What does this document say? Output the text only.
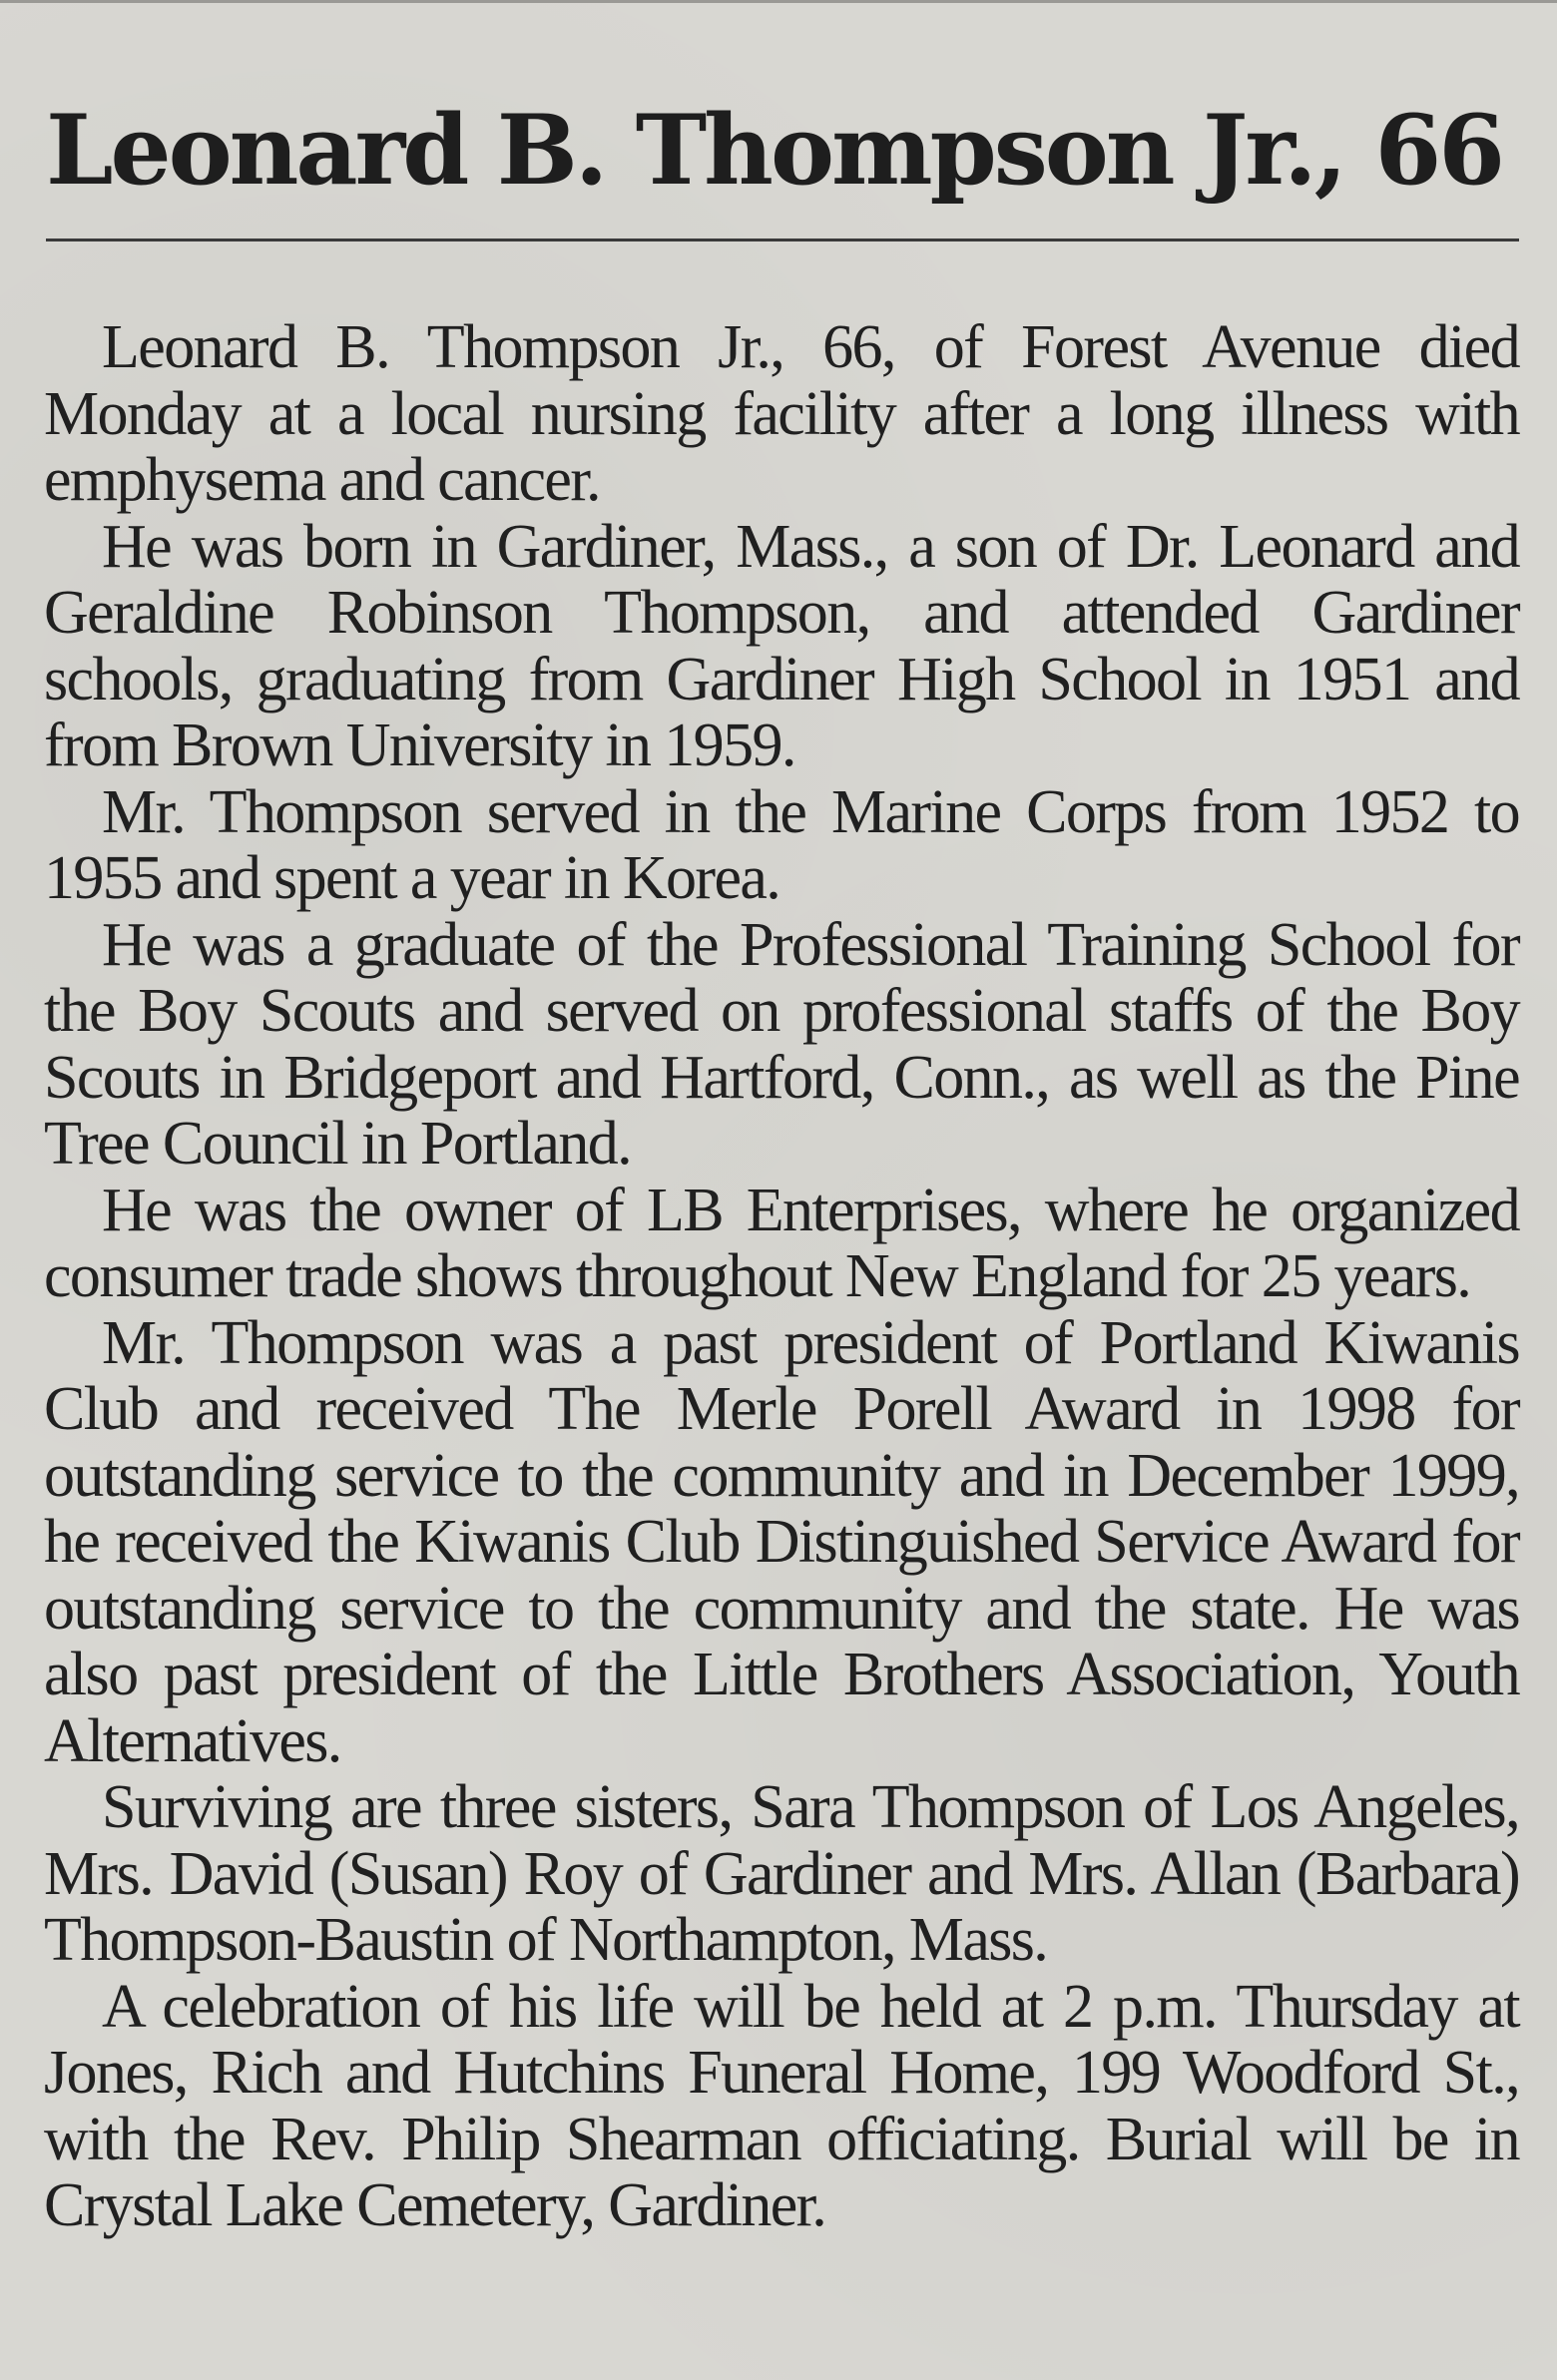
Leonard B. Thompson Jr., 66

Leonard B. Thompson Jr., 66, of Forest Avenue died Monday at a local nursing facility after a long illness with emphysema and cancer.

He was born in Gardiner, Mass., a son of Dr. Leonard and Geraldine Robinson Thompson, and attended Gardiner schools, graduating from Gardiner High School in 1951 and from Brown University in 1959.

Mr. Thompson served in the Marine Corps from 1952 to 1955 and spent a year in Korea.

He was a graduate of the Professional Training School for the Boy Scouts and served on professional staffs of the Boy Scouts in Bridgeport and Hartford, Conn., as well as the Pine Tree Council in Portland.

He was the owner of LB Enterprises, where he organized consumer trade shows throughout New England for 25 years.

Mr. Thompson was a past president of Portland Kiwanis Club and received The Merle Porell Award in 1998 for outstanding service to the community and in December 1999, he received the Kiwanis Club Distinguished Service Award for outstanding service to the community and the state. He was also past president of the Little Brothers Association, Youth Alternatives.

Surviving are three sisters, Sara Thompson of Los Angeles, Mrs. David (Susan) Roy of Gardiner and Mrs. Allan (Barbara) Thompson-Baustin of Northampton, Mass.

A celebration of his life will be held at 2 p.m. Thursday at Jones, Rich and Hutchins Funeral Home, 199 Woodford St., with the Rev. Philip Shearman officiating. Burial will be in Crystal Lake Cemetery, Gardiner.
